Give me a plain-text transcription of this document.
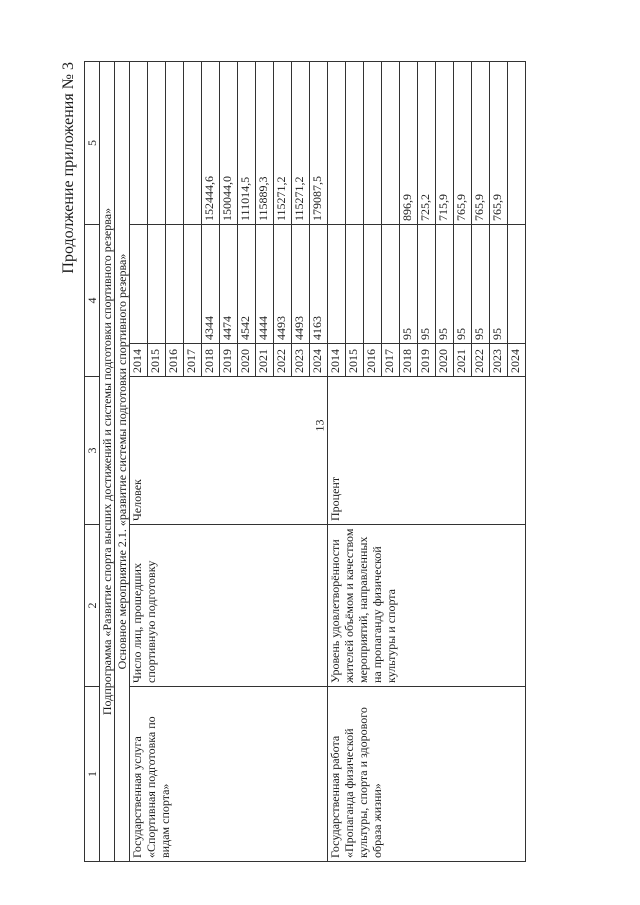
13
Продолжение приложения № 3
1	2	3	4		5
Подпрограмма «Развитие спорта высших достижений и системы подготовки спортивного резерва»					
Основное мероприятие 2.1. «развитие системы подготовки спортивного резерва»					
Государственная услуга «Спортивная подготовка по видам спорта»	Число лиц, прошедших спортивную подготовку	Человек	2014		
			2015		
			2016		
			2017		
			2018	4344	152444,6
			2019	4474	150044,0
			2020	4542	111014,5
			2021	4444	115889,3
			2022	4493	115271,2
			2023	4493	115271,2
			2024	4163	179087,5
Государственная работа «Пропаганда физической культуры, спорта и здорового образа жизни»	Уровень удовлетворённости жителей объёмом и качеством мероприятий, направленных на пропаганду физической культуры и спорта	Процент	2014		
			2015		
			2016		
			2017		
			2018	95	896,9
			2019	95	725,2
			2020	95	715,9
			2021	95	765,9
			2022	95	765,9
			2023	95	765,9
			2024		
